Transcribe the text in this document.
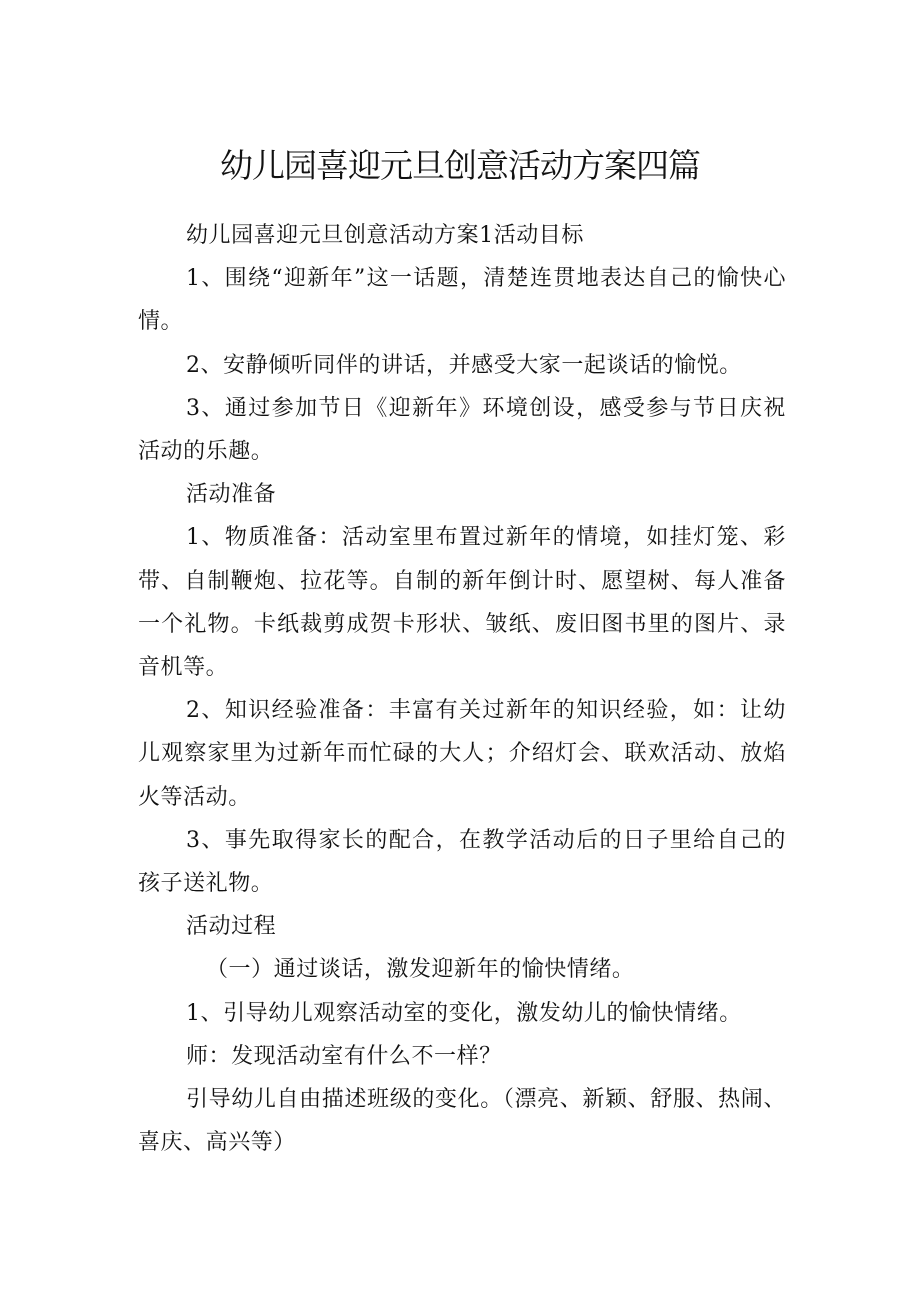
幼儿园喜迎元旦创意活动方案四篇

幼儿园喜迎元旦创意活动方案1活动目标

1、围绕“迎新年”这一话题，清楚连贯地表达自己的愉快心情。

2、安静倾听同伴的讲话，并感受大家一起谈话的愉悦。

3、通过参加节日《迎新年》环境创设，感受参与节日庆祝活动的乐趣。

活动准备

1、物质准备：活动室里布置过新年的情境，如挂灯笼、彩带、自制鞭炮、拉花等。自制的新年倒计时、愿望树、每人准备一个礼物。卡纸裁剪成贺卡形状、皱纸、废旧图书里的图片、录音机等。

2、知识经验准备：丰富有关过新年的知识经验，如：让幼儿观察家里为过新年而忙碌的大人；介绍灯会、联欢活动、放焰火等活动。

3、事先取得家长的配合，在教学活动后的日子里给自己的孩子送礼物。

活动过程

（一）通过谈话，激发迎新年的愉快情绪。

1、引导幼儿观察活动室的变化，激发幼儿的愉快情绪。

师：发现活动室有什么不一样？

引导幼儿自由描述班级的变化。（漂亮、新颖、舒服、热闹、喜庆、高兴等）
